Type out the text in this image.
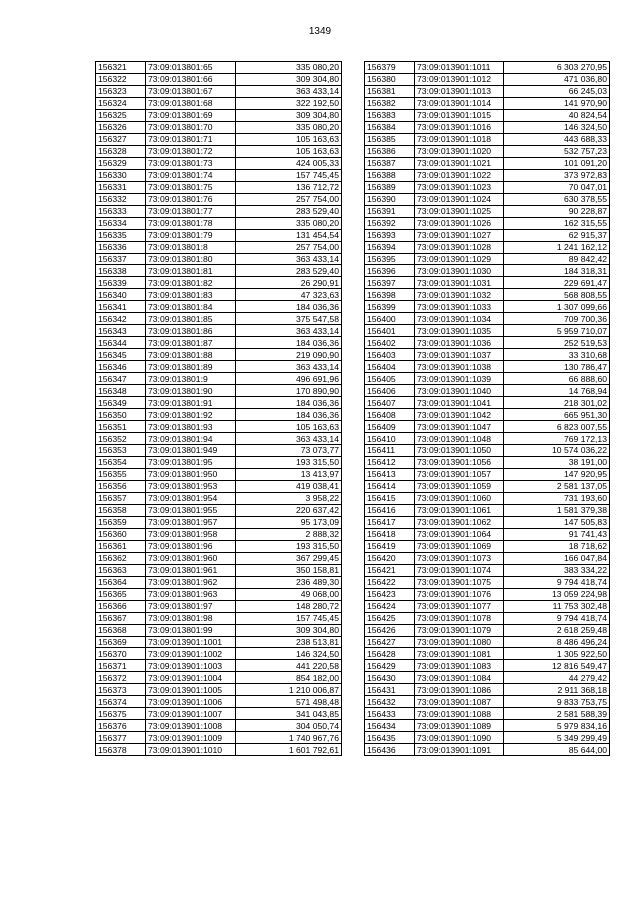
1349
156321	73:09:013801:65	335 080,20
156322	73:09:013801:66	309 304,80
156323	73:09:013801:67	363 433,14
156324	73:09:013801:68	322 192,50
156325	73:09:013801:69	309 304,80
156326	73:09:013801:70	335 080,20
156327	73:09:013801:71	105 163,63
156328	73:09:013801:72	105 163,63
156329	73:09:013801:73	424 005,33
156330	73:09:013801:74	157 745,45
156331	73:09:013801:75	136 712,72
156332	73:09:013801:76	257 754,00
156333	73:09:013801:77	283 529,40
156334	73:09:013801:78	335 080,20
156335	73:09:013801:79	131 454,54
156336	73:09:013801:8	257 754,00
156337	73:09:013801:80	363 433,14
156338	73:09:013801:81	283 529,40
156339	73:09:013801:82	26 290,91
156340	73:09:013801:83	47 323,63
156341	73:09:013801:84	184 036,36
156342	73:09:013801:85	375 547,58
156343	73:09:013801:86	363 433,14
156344	73:09:013801:87	184 036,36
156345	73:09:013801:88	219 090,90
156346	73:09:013801:89	363 433,14
156347	73:09:013801:9	496 691,96
156348	73:09:013801:90	170 890,90
156349	73:09:013801:91	184 036,36
156350	73:09:013801:92	184 036,36
156351	73:09:013801:93	105 163,63
156352	73:09:013801:94	363 433,14
156353	73:09:013801:949	73 073,77
156354	73:09:013801:95	193 315,50
156355	73:09:013801:950	13 413,97
156356	73:09:013801:953	419 038,41
156357	73:09:013801:954	3 958,22
156358	73:09:013801:955	220 637,42
156359	73:09:013801:957	95 173,09
156360	73:09:013801:958	2 888,32
156361	73:09:013801:96	193 315,50
156362	73:09:013801:960	367 299,45
156363	73:09:013801:961	350 158,81
156364	73:09:013801:962	236 489,30
156365	73:09:013801:963	49 068,00
156366	73:09:013801:97	148 280,72
156367	73:09:013801:98	157 745,45
156368	73:09:013801:99	309 304,80
156369	73:09:013901:1001	238 513,81
156370	73:09:013901:1002	146 324,50
156371	73:09:013901:1003	441 220,58
156372	73:09:013901:1004	854 182,00
156373	73:09:013901:1005	1 210 006,87
156374	73:09:013901:1006	571 498,48
156375	73:09:013901:1007	341 043,85
156376	73:09:013901:1008	304 050,74
156377	73:09:013901:1009	1 740 967,76
156378	73:09:013901:1010	1 601 792,61
156379	73:09:013901:1011	6 303 270,95
156380	73:09:013901:1012	471 036,80
156381	73:09:013901:1013	66 245,03
156382	73:09:013901:1014	141 970,90
156383	73:09:013901:1015	40 824,54
156384	73:09:013901:1016	146 324,50
156385	73:09:013901:1018	443 688,33
156386	73:09:013901:1020	532 757,23
156387	73:09:013901:1021	101 091,20
156388	73:09:013901:1022	373 972,83
156389	73:09:013901:1023	70 047,01
156390	73:09:013901:1024	630 378,55
156391	73:09:013901:1025	90 228,87
156392	73:09:013901:1026	162 315,55
156393	73:09:013901:1027	62 915,37
156394	73:09:013901:1028	1 241 162,12
156395	73:09:013901:1029	89 842,42
156396	73:09:013901:1030	184 318,31
156397	73:09:013901:1031	229 691,47
156398	73:09:013901:1032	568 808,55
156399	73:09:013901:1033	1 307 099,66
156400	73:09:013901:1034	709 700,36
156401	73:09:013901:1035	5 959 710,07
156402	73:09:013901:1036	252 519,53
156403	73:09:013901:1037	33 310,68
156404	73:09:013901:1038	130 786,47
156405	73:09:013901:1039	66 888,60
156406	73:09:013901:1040	14 768,94
156407	73:09:013901:1041	218 301,02
156408	73:09:013901:1042	665 951,30
156409	73:09:013901:1047	6 823 007,55
156410	73:09:013901:1048	769 172,13
156411	73:09:013901:1050	10 574 036,22
156412	73:09:013901:1056	38 191,00
156413	73:09:013901:1057	147 920,95
156414	73:09:013901:1059	2 581 137,05
156415	73:09:013901:1060	731 193,60
156416	73:09:013901:1061	1 581 379,38
156417	73:09:013901:1062	147 505,83
156418	73:09:013901:1064	91 741,43
156419	73:09:013901:1069	18 718,62
156420	73:09:013901:1073	166 047,84
156421	73:09:013901:1074	383 334,22
156422	73:09:013901:1075	9 794 418,74
156423	73:09:013901:1076	13 059 224,98
156424	73:09:013901:1077	11 753 302,48
156425	73:09:013901:1078	9 794 418,74
156426	73:09:013901:1079	2 618 259,48
156427	73:09:013901:1080	8 486 496,24
156428	73:09:013901:1081	1 305 922,50
156429	73:09:013901:1083	12 816 549,47
156430	73:09:013901:1084	44 279,42
156431	73:09:013901:1086	2 911 368,18
156432	73:09:013901:1087	9 833 753,75
156433	73:09:013901:1088	2 581 588,39
156434	73:09:013901:1089	5 979 834,16
156435	73:09:013901:1090	5 349 299,49
156436	73:09:013901:1091	85 644,00
